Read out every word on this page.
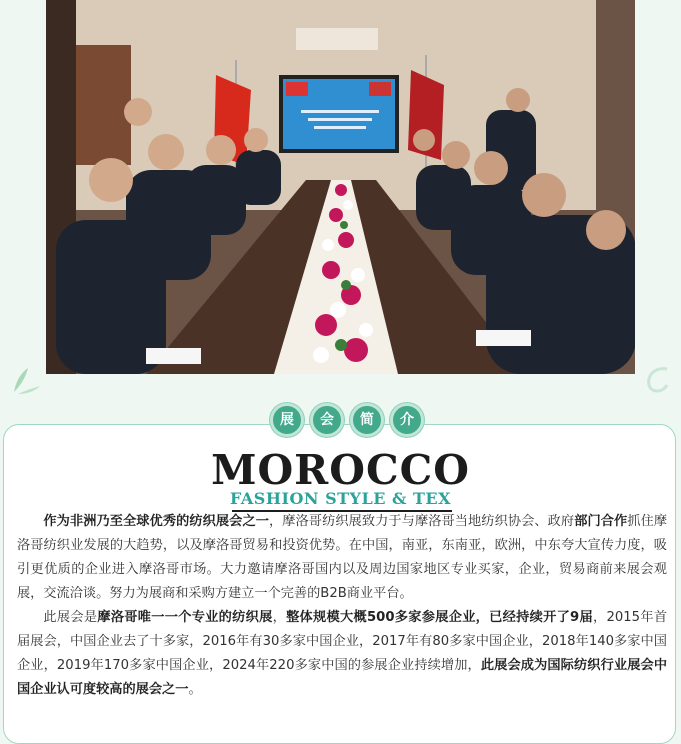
展	会	简	介
MOROCCO
FASHION STYLE & TEX

作为非洲乃至全球优秀的纺织展会之一，摩洛哥纺织展致力于与摩洛哥当地纺织协会、政府部门合作抓住摩洛哥纺织业发展的大趋势，以及摩洛哥贸易和投资优势。在中国，南亚，东南亚，欧洲，中东夸大宣传力度，吸引更优质的企业进入摩洛哥市场。大力邀请摩洛哥国内以及周边国家地区专业买家，企业，贸易商前来展会观展，交流洽谈。努力为展商和采购方建立一个完善的B2B商业平台。

此展会是摩洛哥唯一一个专业的纺织展，整体规模大概500多家参展企业，已经持续开了9届，2015年首届展会，中国企业去了十多家，2016年有30多家中国企业，2017年有80多家中国企业，2018年140多家中国企业，2019年170多家中国企业，2024年220多家中国的参展企业持续增加，此展会成为国际纺织行业展会中国企业认可度较高的展会之一。
